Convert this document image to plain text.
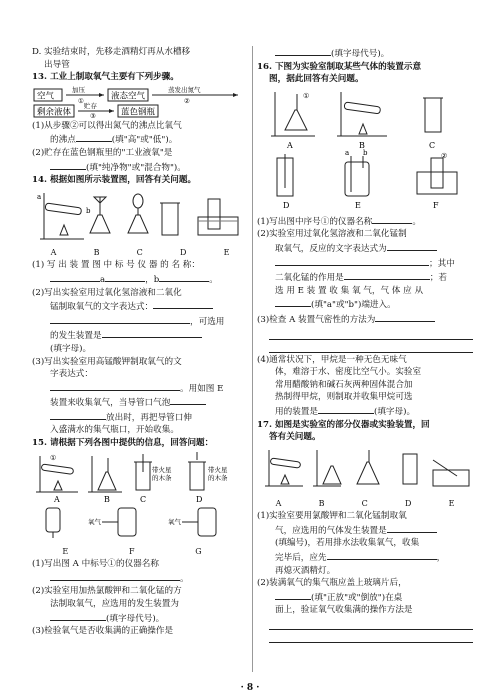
D. 实验结束时，先移走酒精灯再从水槽移

出导管

13. 工业上制取氧气主要有下列步骤。

空气
加压
①	液态空气
蒸发出氮气
②
剩余液体
贮存
③	蓝色钢瓶

(1)从步骤②可以得出氮气的沸点比氧气

的沸点	(填"高"或"低")。

(2)贮存在蓝色钢瓶里的"工业液氧"是

(填"纯净物"或"混合物")。

14. 根据如图所示装置图，回答有关问题。

a
b
A	B	C	D	E

(1) 写 出 装 置 图 中 标 号 仪 器 的 名 称：

a	，b	。

(2)写出实验室用过氧化氢溶液和二氧化

锰制取氧气的文字表达式：

，可选用

的发生装置是

(填字母)。

(3)写出实验室用高锰酸钾制取氧气的文

字表达式：

。用如图 E

装置来收集氧气，当导管口气泡

放出时，再把导管口伸

入盛满水的集气瓶口，开始收集。

15. 请根据下列各图中提供的信息，回答问题：

①
带火星
的木条
带火星
的木条
A	B	C	D
氧气	氧气
E	F	G

(1)写出图 A 中标号①的仪器名称

。

(2)实验室用加热氯酸钾和二氧化锰的方

法制取氧气，应选用的发生装置为

(填字母代号)。

(3)检验氧气是否收集满的正确操作是

(填字母代号)。

16. 下图为实验室制取某些气体的装置示意

图，据此回答有关问题。

①
A	B	C
a b	②
D	E	F

(1)写出图中序号①的仪器名称	。

(2)实验室用过氧化氢溶液和二氧化锰制

取氧气，反应的文字表达式为

；其中

二氧化锰的作用是	；若

选 用 E 装 置 收 集 氧 气，气 体 应 从

(填"a"或"b")端进入。

(3)检查 A 装置气密性的方法为

(4)通常状况下，甲烷是一种无色无味气

体，难溶于水、密度比空气小。实验室

常用醋酸钠和碱石灰两种固体混合加

热制得甲烷，则制取并收集甲烷可选

用的装置是	(填字母)。

17. 如图是实验室的部分仪器或实验装置，回

答有关问题。

A	B	C	D	E

(1)实验室要用氯酸钾和二氧化锰制取氧

气，应选用的气体发生装置是

(填编号)，若用排水法收集氧气，收集

完毕后，应先	，

再熄灭酒精灯。

(2)装满氧气的集气瓶应盖上玻璃片后，

(填"正放"或"倒放")在桌

面上，验证氧气收集满的操作方法是

· 8 ·
